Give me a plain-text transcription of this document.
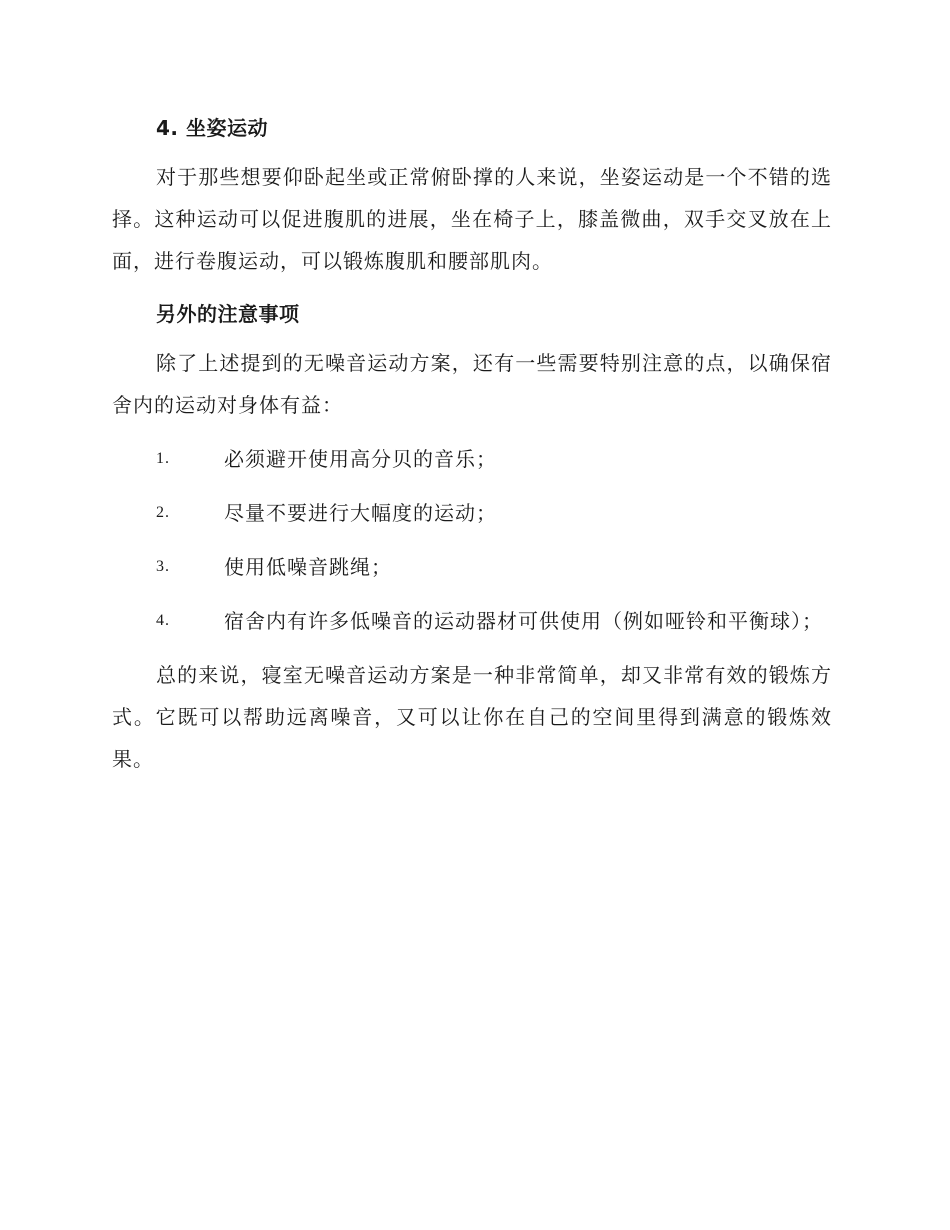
4. 坐姿运动

对于那些想要仰卧起坐或正常俯卧撑的人来说，坐姿运动是一个不错的选择。这种运动可以促进腹肌的进展，坐在椅子上，膝盖微曲，双手交叉放在上面，进行卷腹运动，可以锻炼腹肌和腰部肌肉。

另外的注意事项

除了上述提到的无噪音运动方案，还有一些需要特别注意的点，以确保宿舍内的运动对身体有益：

1.	必须避开使用高分贝的音乐；
2.	尽量不要进行大幅度的运动；
3.	使用低噪音跳绳；
4.	宿舍内有许多低噪音的运动器材可供使用（例如哑铃和平衡球）；

总的来说，寝室无噪音运动方案是一种非常简单，却又非常有效的锻炼方式。它既可以帮助远离噪音，又可以让你在自己的空间里得到满意的锻炼效果。
